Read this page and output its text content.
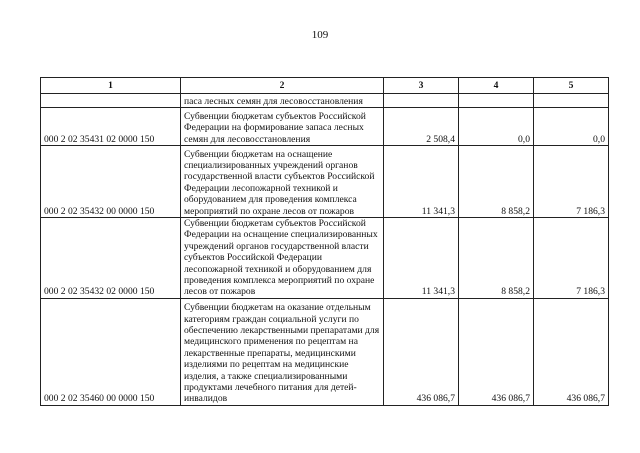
109
1	2	3	4	5
	паса лесных семян для лесовосстановления			
000 2 02 35431 02 0000 150	Субвенции бюджетам субъектов Российской Федерации на формирование запаса лесных семян для лесовосстановления	2 508,4	0,0	0,0
000 2 02 35432 00 0000 150	Субвенции бюджетам на оснащение специализированных учреждений органов государственной власти субъектов Российской Федерации лесопожарной техникой и оборудованием для проведения комплекса мероприятий по охране лесов от пожаров	11 341,3	8 858,2	7 186,3
000 2 02 35432 02 0000 150	Субвенции бюджетам субъектов Российской Федерации на оснащение специализированных учреждений органов государственной власти субъектов Российской Федерации лесопожарной техникой и оборудованием для проведения комплекса мероприятий по охране лесов от пожаров	11 341,3	8 858,2	7 186,3
000 2 02 35460 00 0000 150	Субвенции бюджетам на оказание отдельным категориям граждан социальной услуги по обеспечению лекарственными препаратами для медицинского применения по рецептам на лекарственные препараты, медицинскими изделиями по рецептам на медицинские изделия, а также специализированными продуктами лечебного питания для детей-инвалидов	436 086,7	436 086,7	436 086,7
